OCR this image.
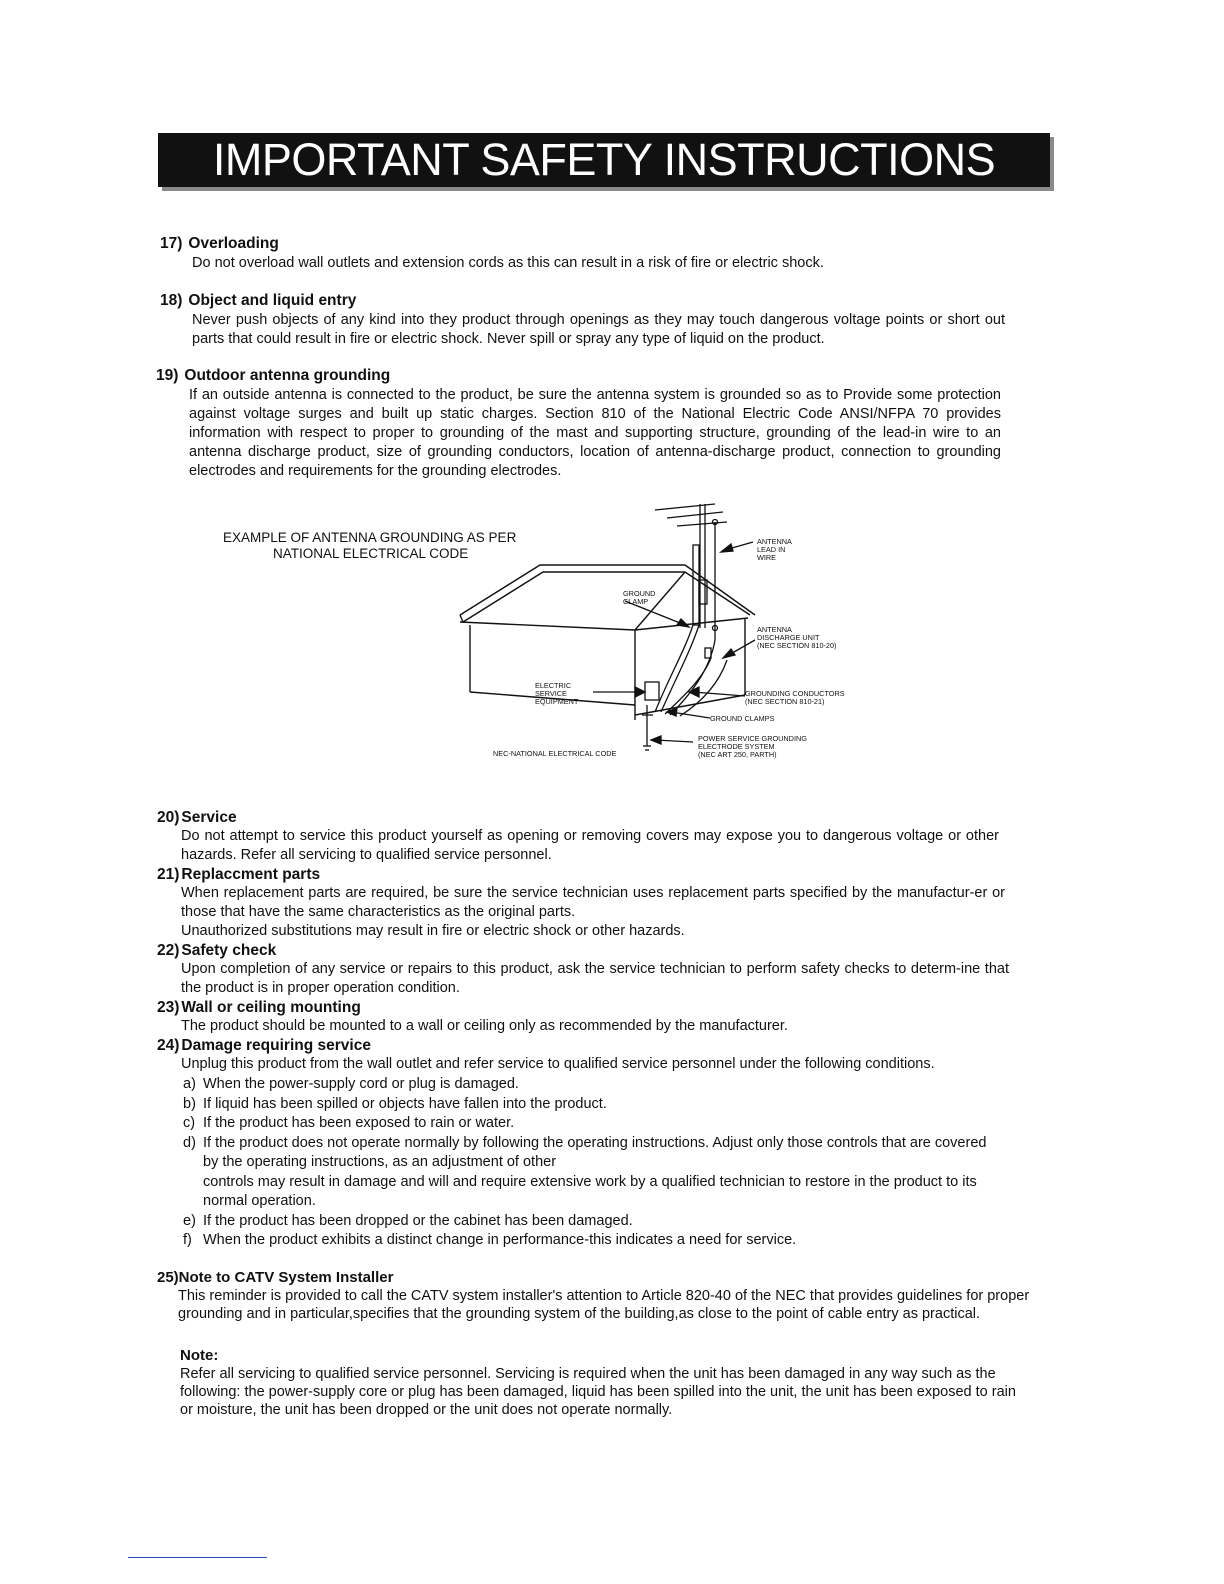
IMPORTANT SAFETY INSTRUCTIONS
17) Overloading

Do not overload wall outlets and extension cords as this can result in a risk of fire or electric shock.

18) Object and liquid entry

Never push objects of any kind into they product through openings as they may touch dangerous voltage points or short out parts that could result in fire or electric shock. Never spill or spray any type of liquid on the product.

19) Outdoor antenna grounding

If an outside antenna is connected to the product, be sure the antenna system is grounded so as to Provide some protection against voltage surges and built up static charges. Section 810 of the National Electric Code ANSI/NFPA 70 provides information with respect to proper to grounding of the mast and supporting structure, grounding of the lead-in wire to an antenna discharge product, size of grounding conductors, location of antenna-discharge product, connection to grounding electrodes and requirements for the grounding electrodes.

EXAMPLE OF ANTENNA GROUNDING AS PER
NATIONAL ELECTRICAL CODE
ANTENNA
LEAD IN
WIRE
GROUND
CLAMP
ANTENNA
DISCHARGE UNIT
(NEC SECTION 810-20)
ELECTRIC
SERVICE
EQUIPMENT
GROUNDING CONDUCTORS
(NEC SECTION 810-21)
GROUND CLAMPS
POWER SERVICE GROUNDING
ELECTRODE SYSTEM
(NEC ART 250, PARTH)
NEC-NATIONAL ELECTRICAL CODE
20) Service

Do not attempt to service this product yourself as opening or removing covers may expose you to dangerous voltage or other hazards. Refer all servicing to qualified service personnel.

21) Replaccment parts

When replacement parts are required, be sure the service technician uses replacement parts specified by the manufactur-er or those that have the same characteristics as the original parts.

Unauthorized substitutions may result in fire or electric shock or other hazards.

22) Safety check

Upon completion of any service or repairs to this product, ask the service technician to perform safety checks to determ-ine that the product is in proper operation condition.

23) Wall or ceiling mounting

The product should be mounted to a wall or ceiling only as recommended by the manufacturer.

24) Damage requiring service

Unplug this product from the wall outlet and refer service to qualified service personnel under the following conditions.

a) When the power-supply cord or plug is damaged.
b) If liquid has been spilled or objects have fallen into the product.
c) If the product has been exposed to rain or water.
d) If the product does not operate normally by following the operating instructions. Adjust only those controls that are covered by the operating instructions, as an adjustment of other
controls may result in damage and will and require extensive work by a qualified technician to restore in the product to its normal operation.
e) If the product has been dropped or the cabinet has been damaged.
f) When the product exhibits a distinct change in performance-this indicates a need for service.
25)Note to CATV System Installer
This reminder is provided to call the CATV system installer's attention to Article 820-40 of the NEC that provides guidelines for proper grounding and in particular,specifies that the grounding system of the building,as close to the point of cable entry as practical.
Note:
Refer all servicing to qualified service personnel. Servicing is required when the unit has been damaged in any way such as the following: the power-supply core or plug has been damaged, liquid has been spilled into the unit, the unit has been exposed to rain or moisture, the unit has been dropped or the unit does not operate normally.
